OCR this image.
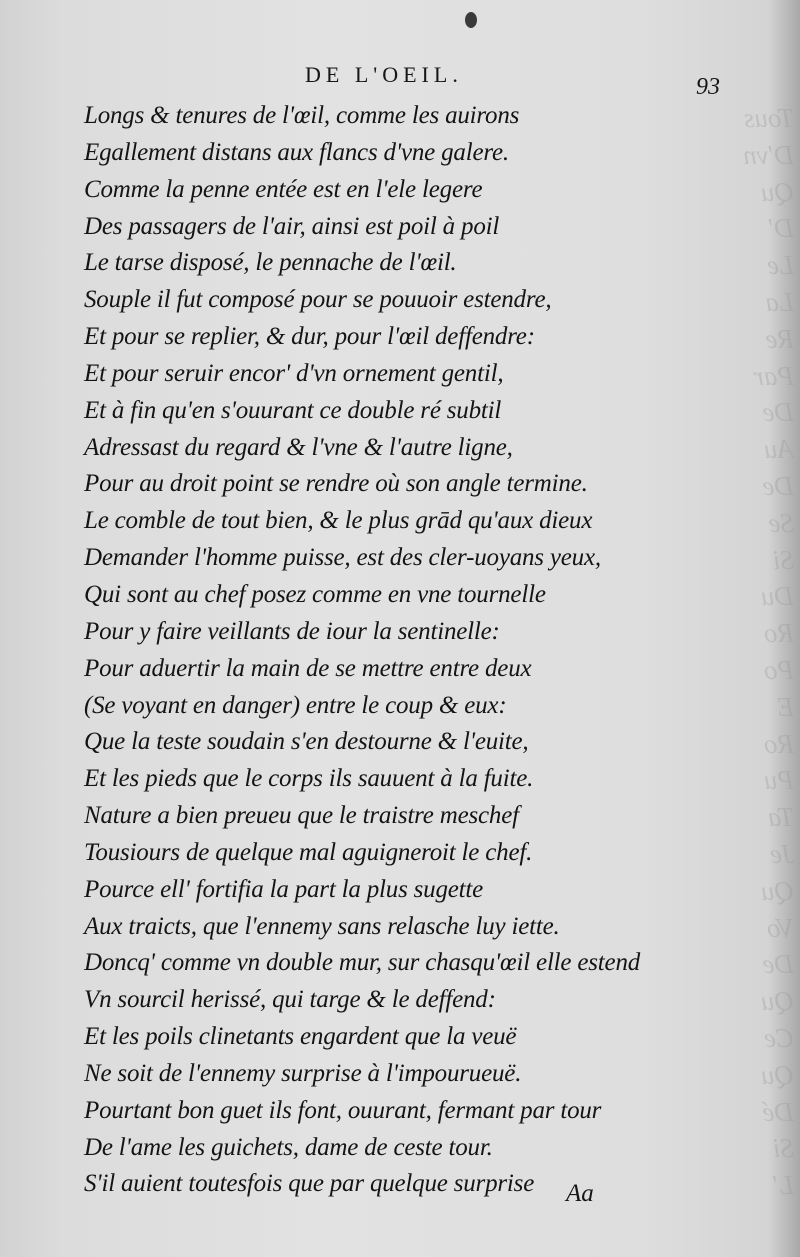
Tous
D'vn
Qu
D'
Le
La
Re
Par
De
Au
De
Se
Si
Du
Ro
Po
E
Ro
Pu
Ta
Je
Qu
Vo
De
Qu
Ce
Qu
Dé
Si
L'
DE L'OEIL.	93
Longs & tenures de l'œil, comme les auirons
Egallement distans aux flancs d'vne galere.
Comme la penne entée est en l'ele legere
Des passagers de l'air, ainsi est poil à poil
Le tarse disposé, le pennache de l'œil.
Souple il fut composé pour se pouuoir estendre,
Et pour se replier, & dur, pour l'œil deffendre:
Et pour seruir encor' d'vn ornement gentil,
Et à fin qu'en s'ouurant ce double ré subtil
Adressast du regard & l'vne & l'autre ligne,
Pour au droit point se rendre où son angle termine.
Le comble de tout bien, & le plus grād qu'aux dieux
Demander l'homme puisse, est des cler-uoyans yeux,
Qui sont au chef posez comme en vne tournelle
Pour y faire veillants de iour la sentinelle:
Pour aduertir la main de se mettre entre deux
(Se voyant en danger) entre le coup & eux:
Que la teste soudain s'en destourne & l'euite,
Et les pieds que le corps ils sauuent à la fuite.
Nature a bien preueu que le traistre meschef
Tousiours de quelque mal aguigneroit le chef.
Pource ell' fortifia la part la plus sugette
Aux traicts, que l'ennemy sans relasche luy iette.
Doncq' comme vn double mur, sur chasqu'œil elle estend
Vn sourcil herissé, qui targe & le deffend:
Et les poils clinetants engardent que la veuë
Ne soit de l'ennemy surprise à l'impourueuë.
Pourtant bon guet ils font, ouurant, fermant par tour
De l'ame les guichets, dame de ceste tour.
S'il auient toutesfois que par quelque surprise	Aa
